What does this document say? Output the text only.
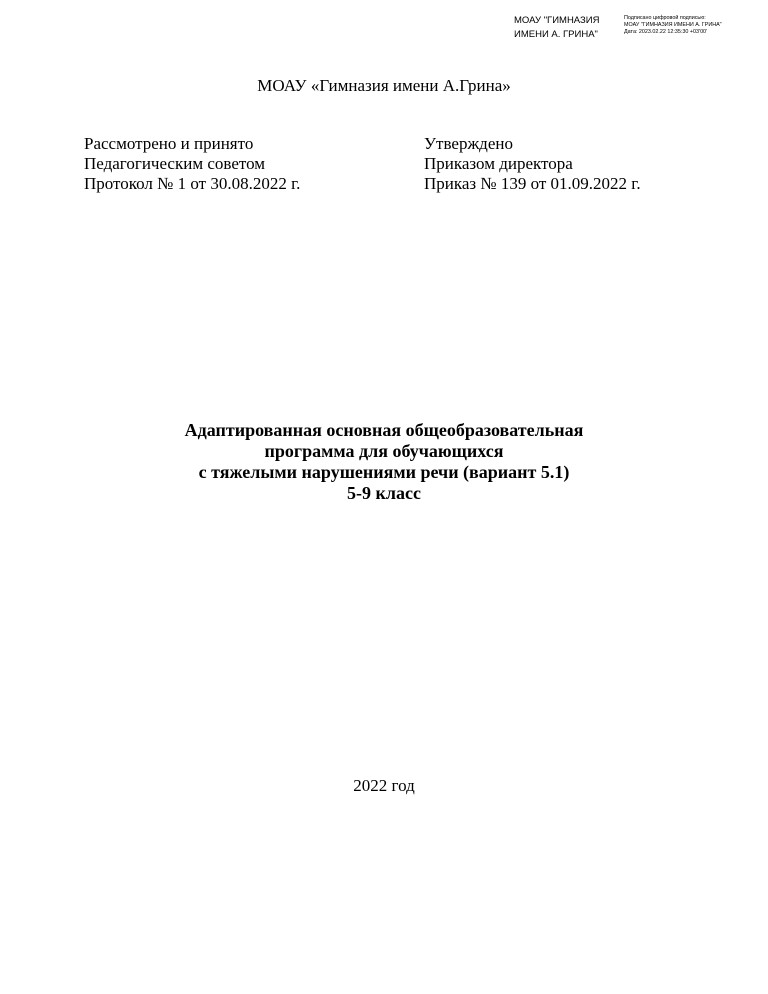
МОАУ "ГИМНАЗИЯ
ИМЕНИ А. ГРИНА"
Подписано цифровой подписью:
МОАУ "ГИМНАЗИЯ ИМЕНИ А. ГРИНА"
Дата: 2023.02.22 12:35:30 +03'00'
МОАУ «Гимназия имени А.Грина»
Рассмотрено и принято
Педагогическим советом
Протокол № 1 от 30.08.2022 г.
Утверждено
Приказом директора
Приказ № 139 от 01.09.2022 г.
Адаптированная основная общеобразовательная
программа для обучающихся
с тяжелыми нарушениями речи (вариант 5.1)
5-9 класс
2022 год
